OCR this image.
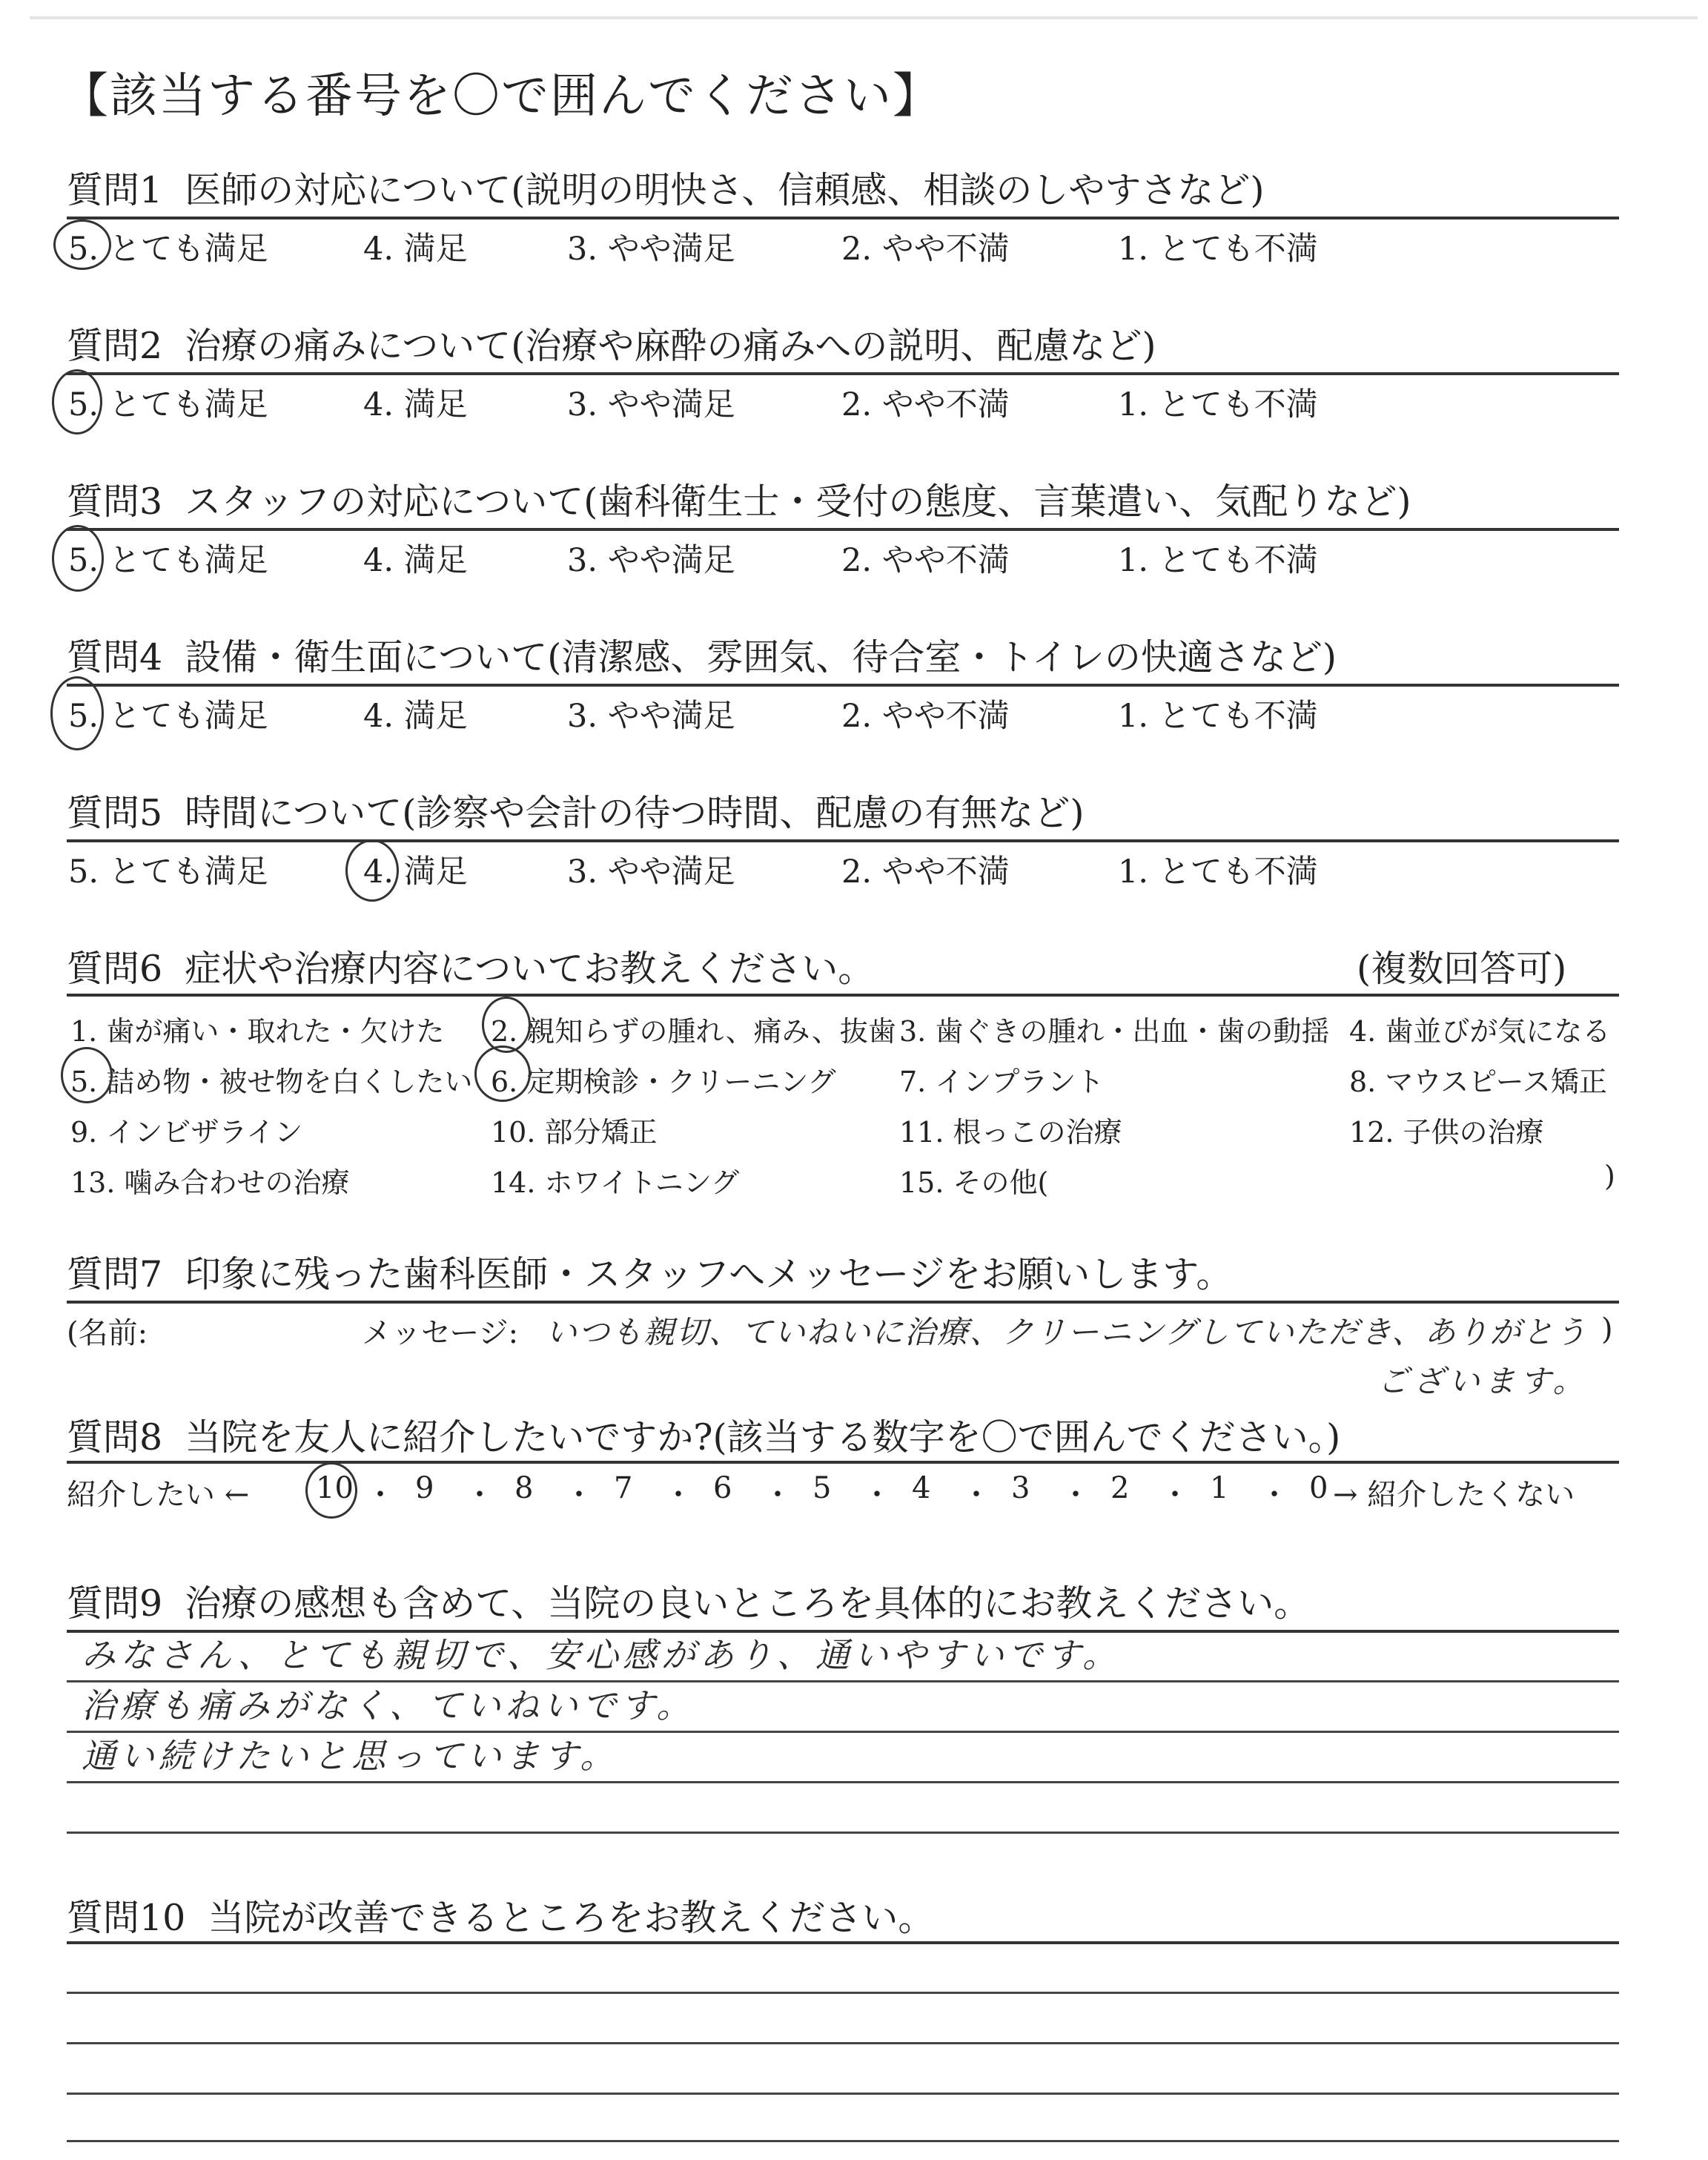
【該当する番号を〇で囲んでください】
質問1 医師の対応について(説明の明快さ、信頼感、相談のしやすさなど)
5. とても満足	4. 満足	3. やや満足	2. やや不満	1. とても不満
質問2 治療の痛みについて(治療や麻酔の痛みへの説明、配慮など)
5. とても満足	4. 満足	3. やや満足	2. やや不満	1. とても不満
質問3 スタッフの対応について(歯科衛生士・受付の態度、言葉遣い、気配りなど)
5. とても満足	4. 満足	3. やや満足	2. やや不満	1. とても不満
質問4 設備・衛生面について(清潔感、雰囲気、待合室・トイレの快適さなど)
5. とても満足	4. 満足	3. やや満足	2. やや不満	1. とても不満
質問5 時間について(診察や会計の待つ時間、配慮の有無など)
5. とても満足	4. 満足	3. やや満足	2. やや不満	1. とても不満
質問6 症状や治療内容についてお教えください。	(複数回答可)
1. 歯が痛い・取れた・欠けた 2. 親知らずの腫れ、痛み、抜歯 3. 歯ぐきの腫れ・出血・歯の動揺 4. 歯並びが気になる
5. 詰め物・被せ物を白くしたい 6. 定期検診・クリーニング 7. インプラント	8. マウスピース矯正
9. インビザライン	10. 部分矯正	11. 根っこの治療	12. 子供の治療
13. 噛み合わせの治療	14. ホワイトニング	15. その他(	)
質問7 印象に残った歯科医師・スタッフへメッセージをお願いします。
(名前:	メッセージ: いつも親切、ていねいに治療、クリーニングしていただき、ありがとう
ございます。
)
質問8 当院を友人に紹介したいですか?(該当する数字を〇で囲んでください。)
紹介したい ← 10 ・ 9 ・ 8 ・ 7 ・ 6 ・ 5 ・ 4 ・ 3 ・ 2 ・ 1 ・ 0 → 紹介したくない
質問9 治療の感想も含めて、当院の良いところを具体的にお教えください。
みなさん、とても親切で、安心感があり、通いやすいです。
治療も痛みがなく、ていねいです。
通い続けたいと思っています。
質問10 当院が改善できるところをお教えください。
